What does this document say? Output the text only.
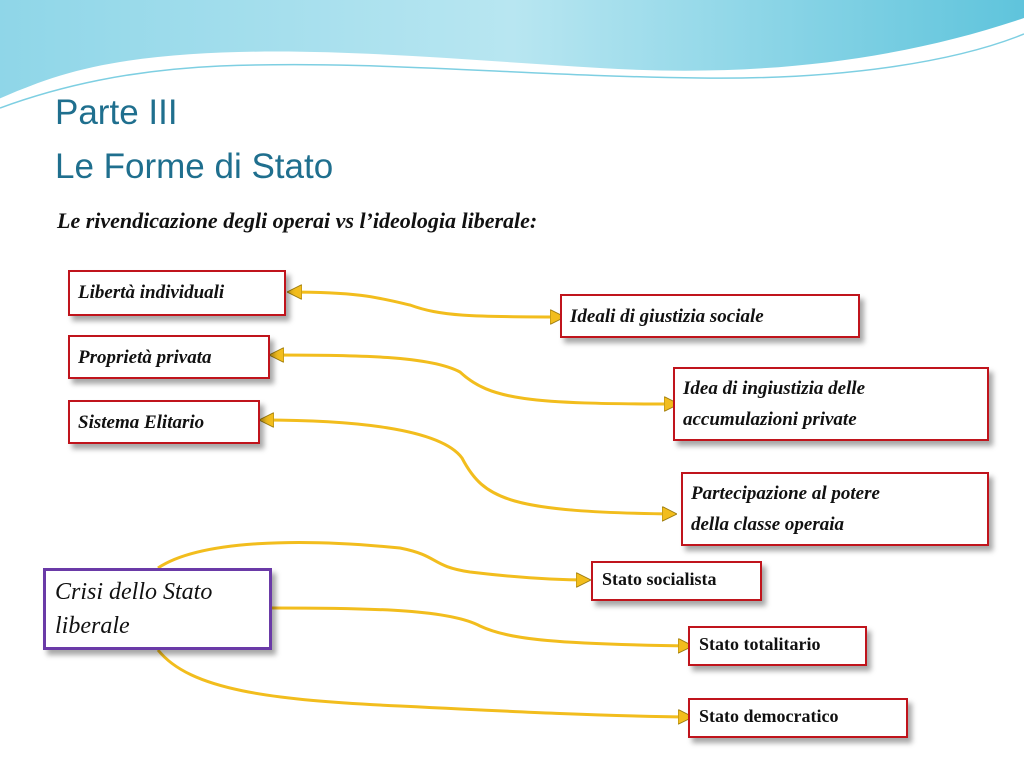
Parte III
Le Forme di Stato
Le rivendicazione degli operai vs l’ideologia liberale:
Libertà individuali
Proprietà privata
Sistema Elitario
Ideali di giustizia sociale
Idea di ingiustizia delle
accumulazioni private
Partecipazione al potere
della classe operaia
Crisi dello Stato
liberale
Stato socialista
Stato totalitario
Stato democratico
